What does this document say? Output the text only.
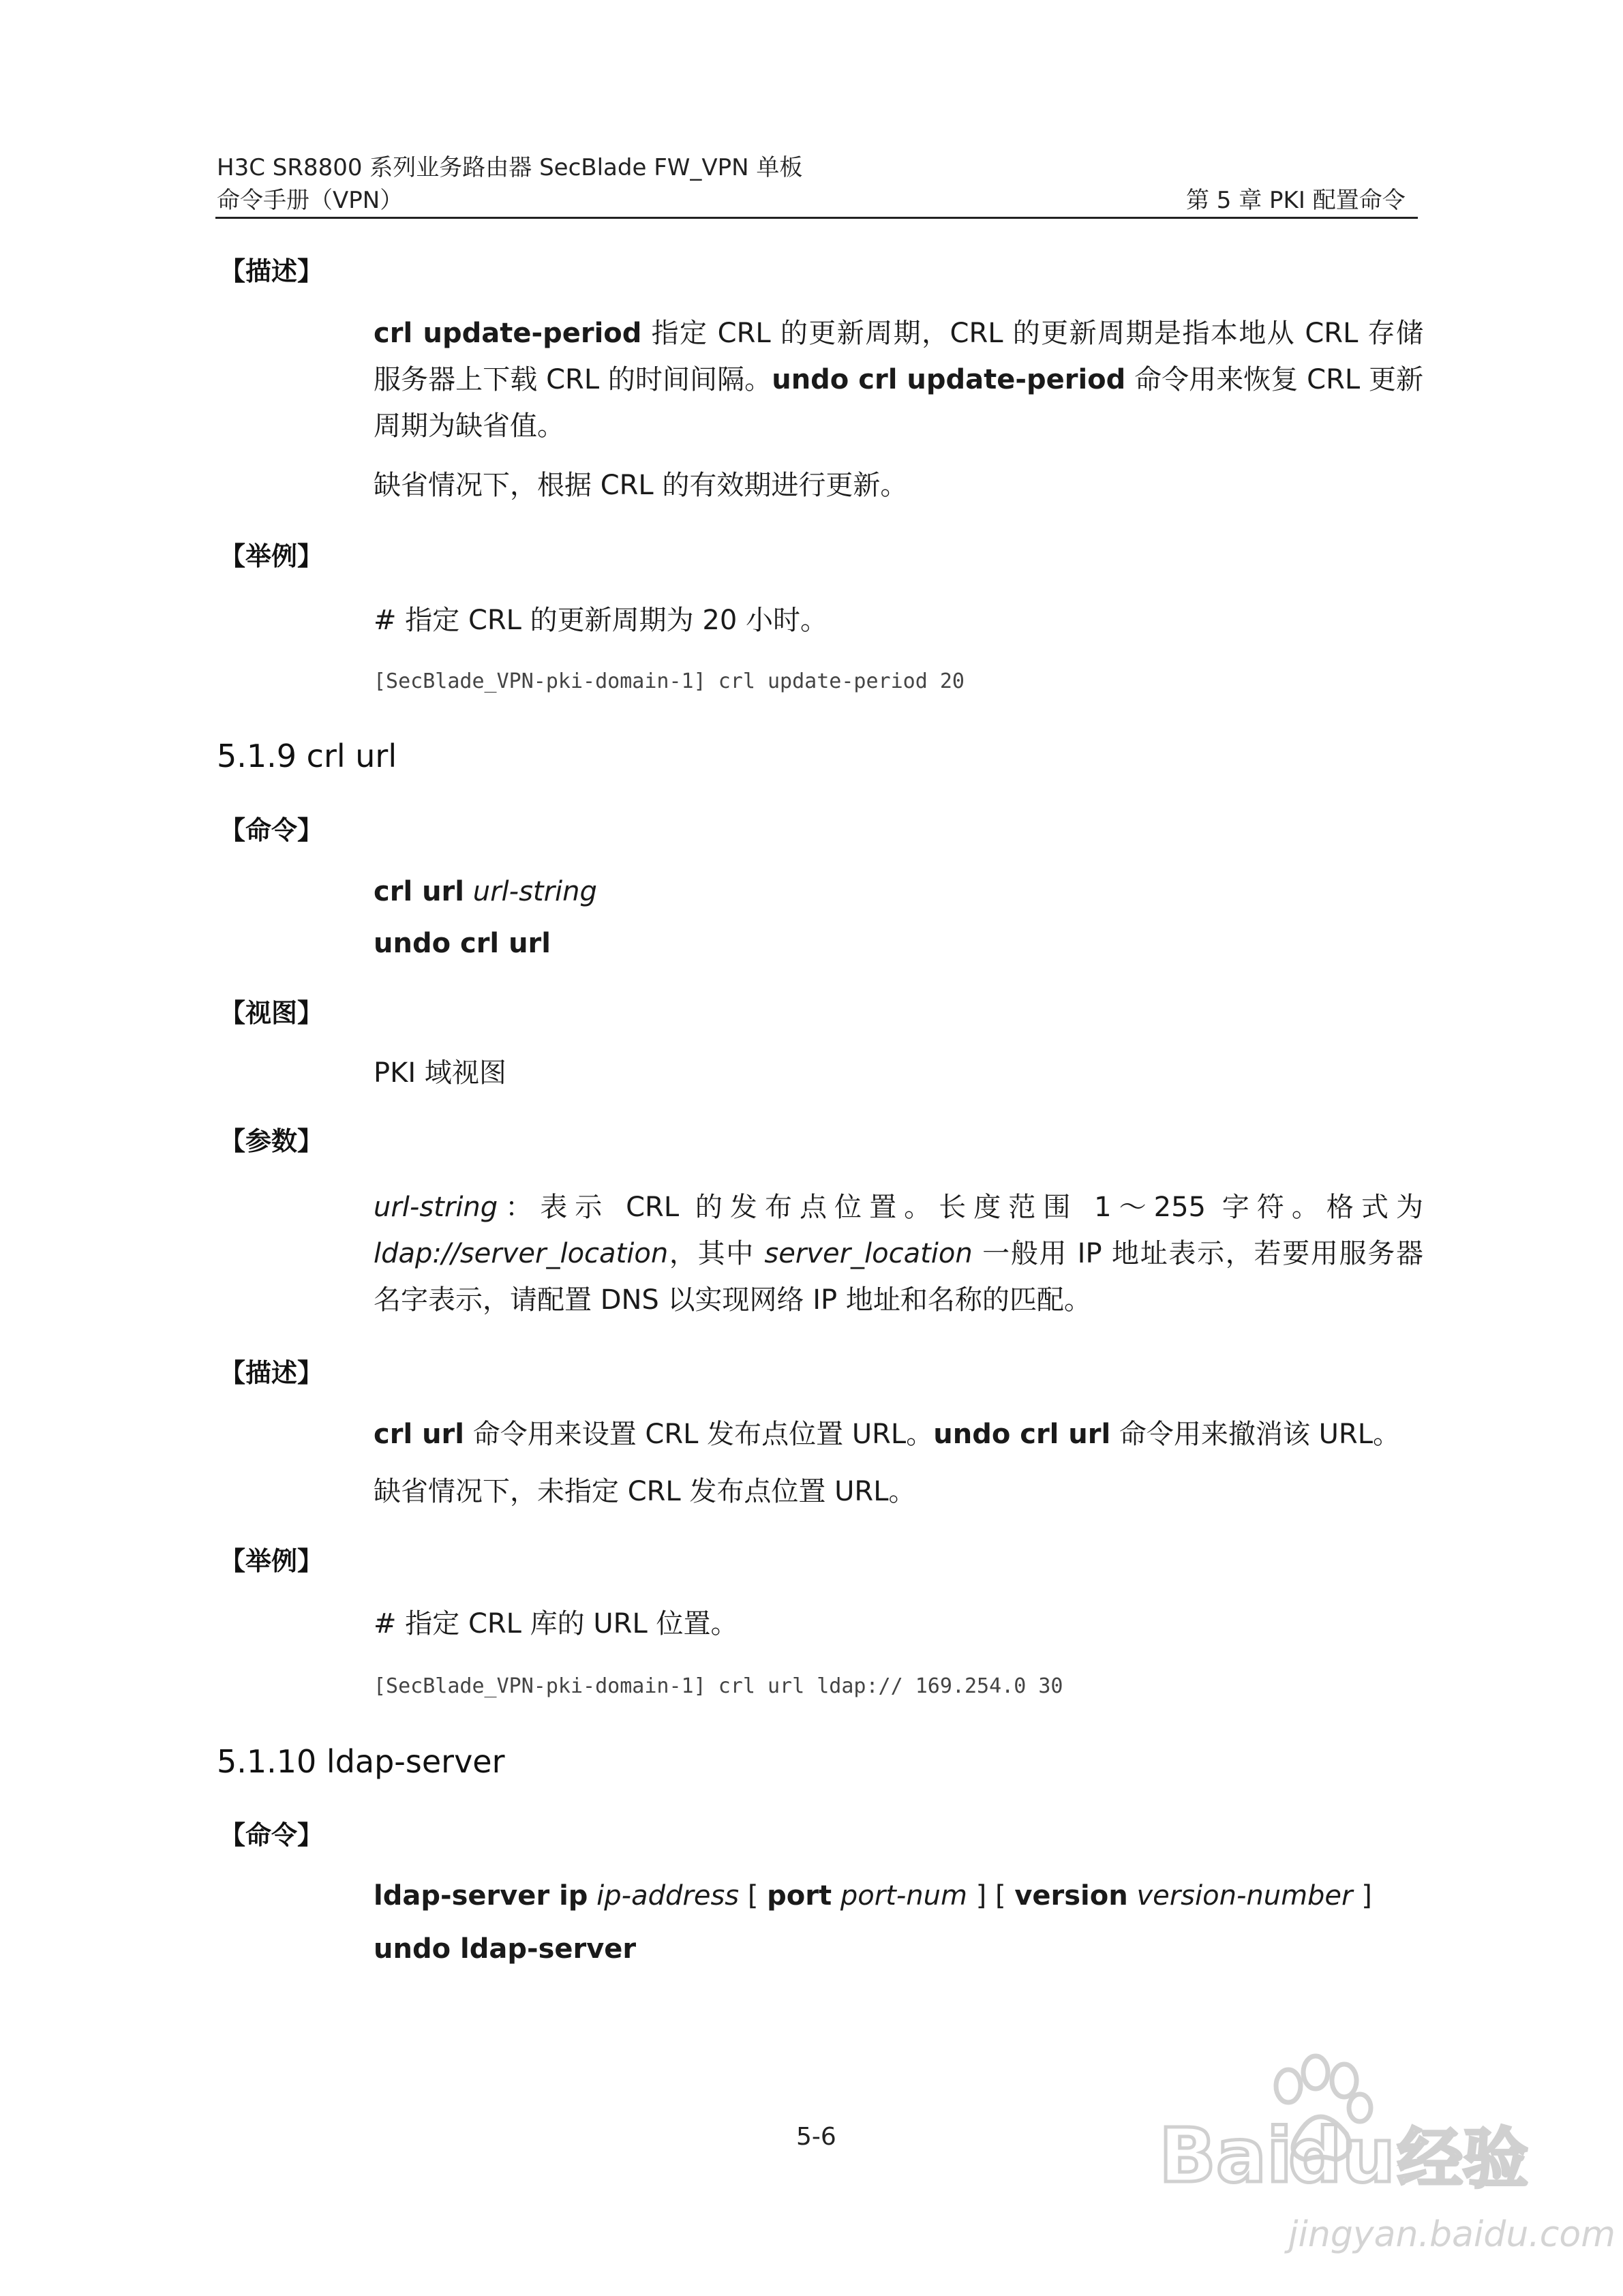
H3C SR8800 系列业务路由器 SecBlade FW_VPN 单板
命令手册（VPN）	第 5 章 PKI 配置命令
【描述】
crl update-period 指定 CRL 的更新周期，CRL 的更新周期是指本地从 CRL 存储服务器上下载 CRL 的时间间隔。undo crl update-period 命令用来恢复 CRL 更新周期为缺省值。
缺省情况下，根据 CRL 的有效期进行更新。
【举例】
# 指定 CRL 的更新周期为 20 小时。
[SecBlade_VPN-pki-domain-1] crl update-period 20
5.1.9 crl url
【命令】
crl url url-string
undo crl url
【视图】
PKI 域视图
【参数】
url-string：表示 CRL 的发布点位置。长度范围 1～255 字符。格式为 ldap://server_location，其中 server_location 一般用 IP 地址表示，若要用服务器名字表示，请配置 DNS 以实现网络 IP 地址和名称的匹配。
【描述】
crl url 命令用来设置 CRL 发布点位置 URL。undo crl url 命令用来撤消该 URL。
缺省情况下，未指定 CRL 发布点位置 URL。
【举例】
# 指定 CRL 库的 URL 位置。
[SecBlade_VPN-pki-domain-1] crl url ldap:// 169.254.0 30
5.1.10 ldap-server
【命令】
ldap-server ip ip-address [ port port-num ] [ version version-number ]
undo ldap-server
5-6	Bai
du 经验
jingyan.baidu.com
